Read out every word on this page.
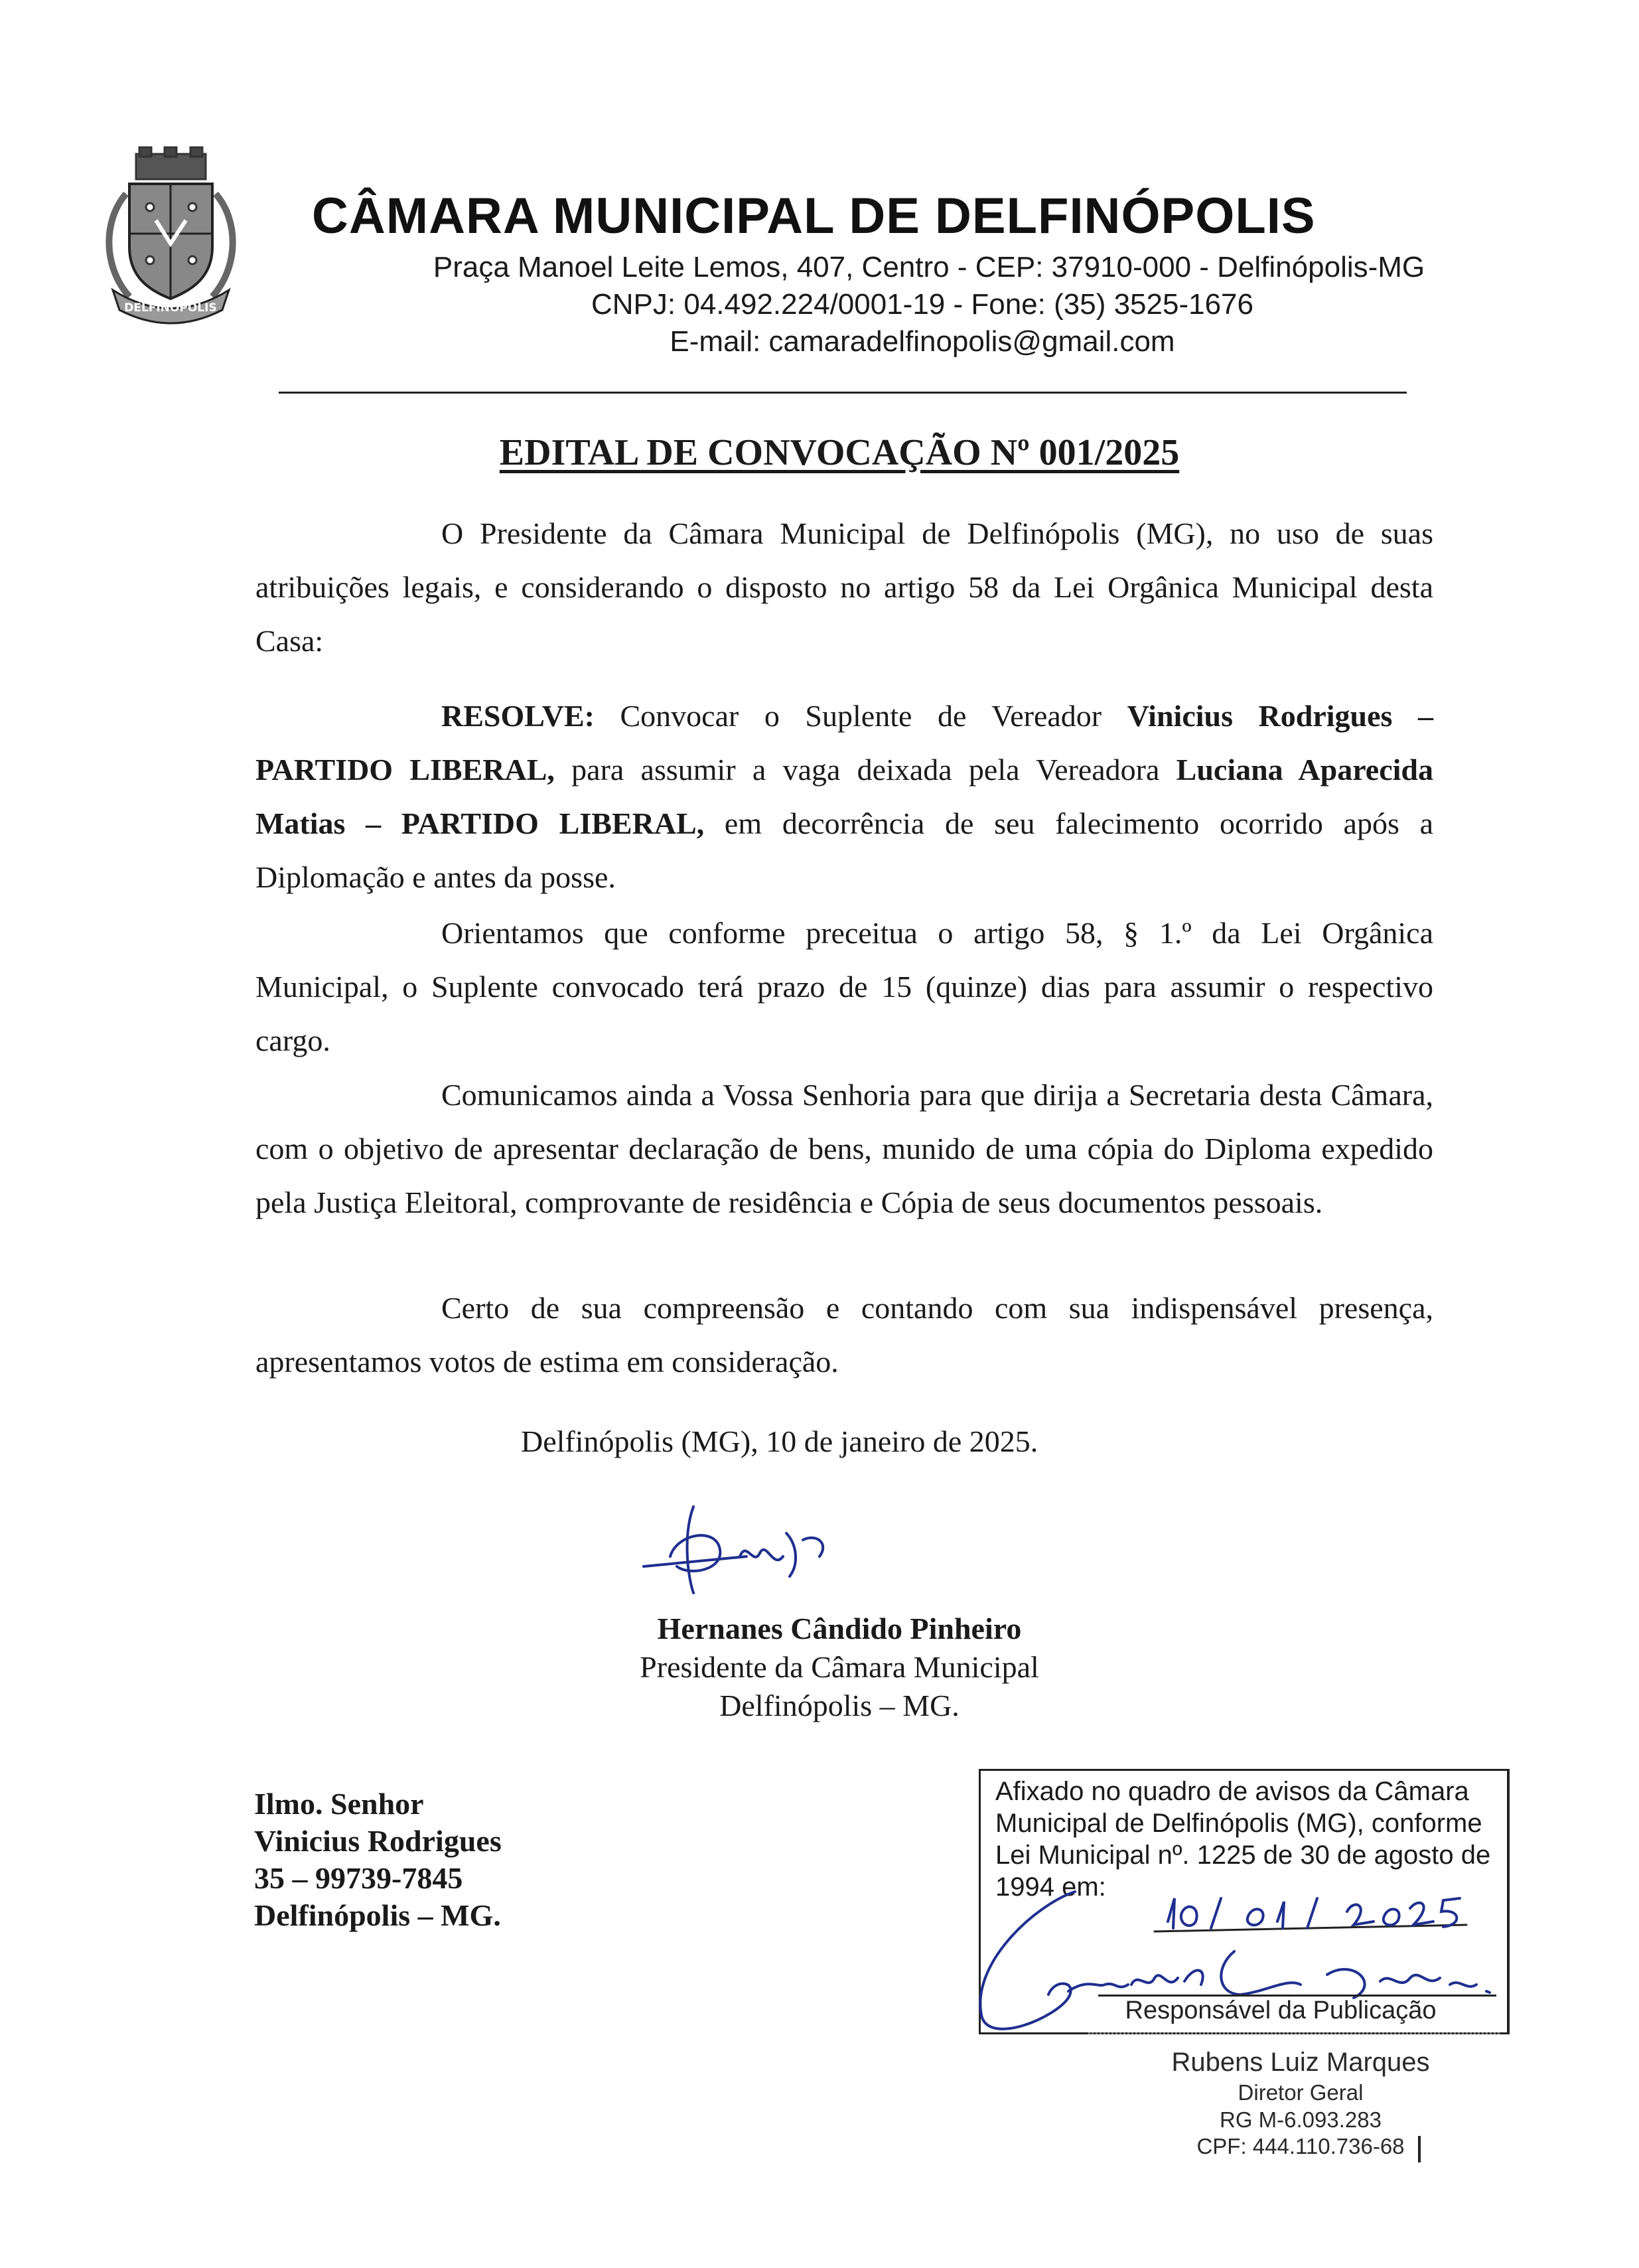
DELFINÓPOLIS
CÂMARA MUNICIPAL DE DELFINÓPOLIS
Praça Manoel Leite Lemos, 407, Centro - CEP: 37910-000 - Delfinópolis-MG
CNPJ: 04.492.224/0001-19 - Fone: (35) 3525-1676
E-mail: camaradelfinopolis@gmail.com
EDITAL DE CONVOCAÇÃO Nº 001/2025
O Presidente da Câmara Municipal de Delfinópolis (MG), no uso de suas atribuições legais, e considerando o disposto no artigo 58 da Lei Orgânica Municipal desta Casa:
RESOLVE: Convocar o Suplente de Vereador Vinicius Rodrigues – PARTIDO LIBERAL, para assumir a vaga deixada pela Vereadora Luciana Aparecida Matias – PARTIDO LIBERAL, em decorrência de seu falecimento ocorrido após a Diplomação e antes da posse.
Orientamos que conforme preceitua o artigo 58, § 1.º da Lei Orgânica Municipal, o Suplente convocado terá prazo de 15 (quinze) dias para assumir o respectivo cargo.
Comunicamos ainda a Vossa Senhoria para que dirija a Secretaria desta Câmara, com o objetivo de apresentar declaração de bens, munido de uma cópia do Diploma expedido pela Justiça Eleitoral, comprovante de residência e Cópia de seus documentos pessoais.
Certo de sua compreensão e contando com sua indispensável presença, apresentamos votos de estima em consideração.
Delfinópolis (MG), 10 de janeiro de 2025.
Hernanes Cândido Pinheiro
Presidente da Câmara Municipal
Delfinópolis – MG.
Ilmo. Senhor
Vinicius Rodrigues
35 – 99739-7845
Delfinópolis – MG.
Afixado no quadro de avisos da Câmara
Municipal de Delfinópolis (MG), conforme
Lei Municipal nº. 1225 de 30 de agosto de
1994 em:
Responsável da Publicação
Rubens Luiz Marques
Diretor Geral
RG M-6.093.283
CPF: 444.110.736-68
